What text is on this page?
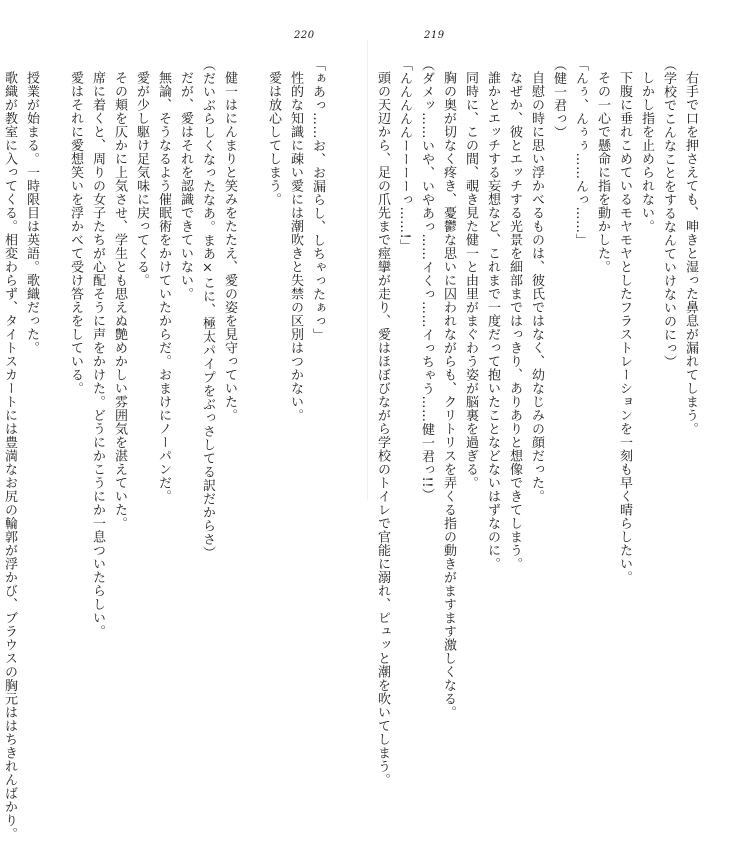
220

「ぁあっ……お、お漏らし、しちゃったぁっ」

性的な知識に疎い愛には潮吹きと失禁の区別はつかない。

愛は放心してしまう。

健一はにんまりと笑みをたたえ、愛の姿を見守っていた。

（だいぶらしくなったなあ。まあ×こに、極太パイプをぶっさしてる訳だからさ）

だが、愛はそれを認識できていない。

無論、そうなるよう催眠術をかけていたからだ。おまけにノーパンだ。

愛が少し駆け足気味に戻ってくる。

その頬を仄かに上気させ、学生とも思えぬ艶めかしい雰囲気を湛えていた。

席に着くと、周りの女子たちが心配そうに声をかけた。どうにかこうにか一息ついたらしい。

愛はそれに愛想笑いを浮かべて受け答えをしている。

授業が始まる。一時限目は英語。歌織だった。

歌織が教室に入ってくる。相変わらず、タイトスカートには豊満なお尻の輪郭が浮かび、ブラウスの胸元ははちきれんばかり。

219

右手で口を押さえても、呻きと湿った鼻息が漏れてしまう。

（学校でこんなことをするなんていけないのにっ）

しかし指を止められない。

下腹に垂れこめているモヤモヤとしたフラストレーションを一刻も早く晴らしたい。

その一心で懸命に指を動かした。

「んぅ、んぅぅ……んっ……」

（健一君っ）

自慰の時に思い浮かべるものは、彼氏ではなく、幼なじみの顔だった。

なぜか、彼とエッチする光景を細部まではっきり、ありありと想像できてしまう。

誰かとエッチする妄想など、これまで一度だって抱いたことなどないはずなのに。

同時に、この間、覗き見た健一と由里がまぐわう姿が脳裏を過ぎる。

胸の奥が切なく疼き、憂鬱な思いに囚われながらも、クリトリスを弄くる指の動きがますます激しくなる。

（ダメッ……いや、いやあっ……イくっ……イっちゃう……健一君っ!!）

「んんんんんーーーーっ……!」

頭の天辺から、足の爪先まで痙攣が走り、愛はほぼびながら学校のトイレで官能に溺れ、ピュッと潮を吹いてしまう。
